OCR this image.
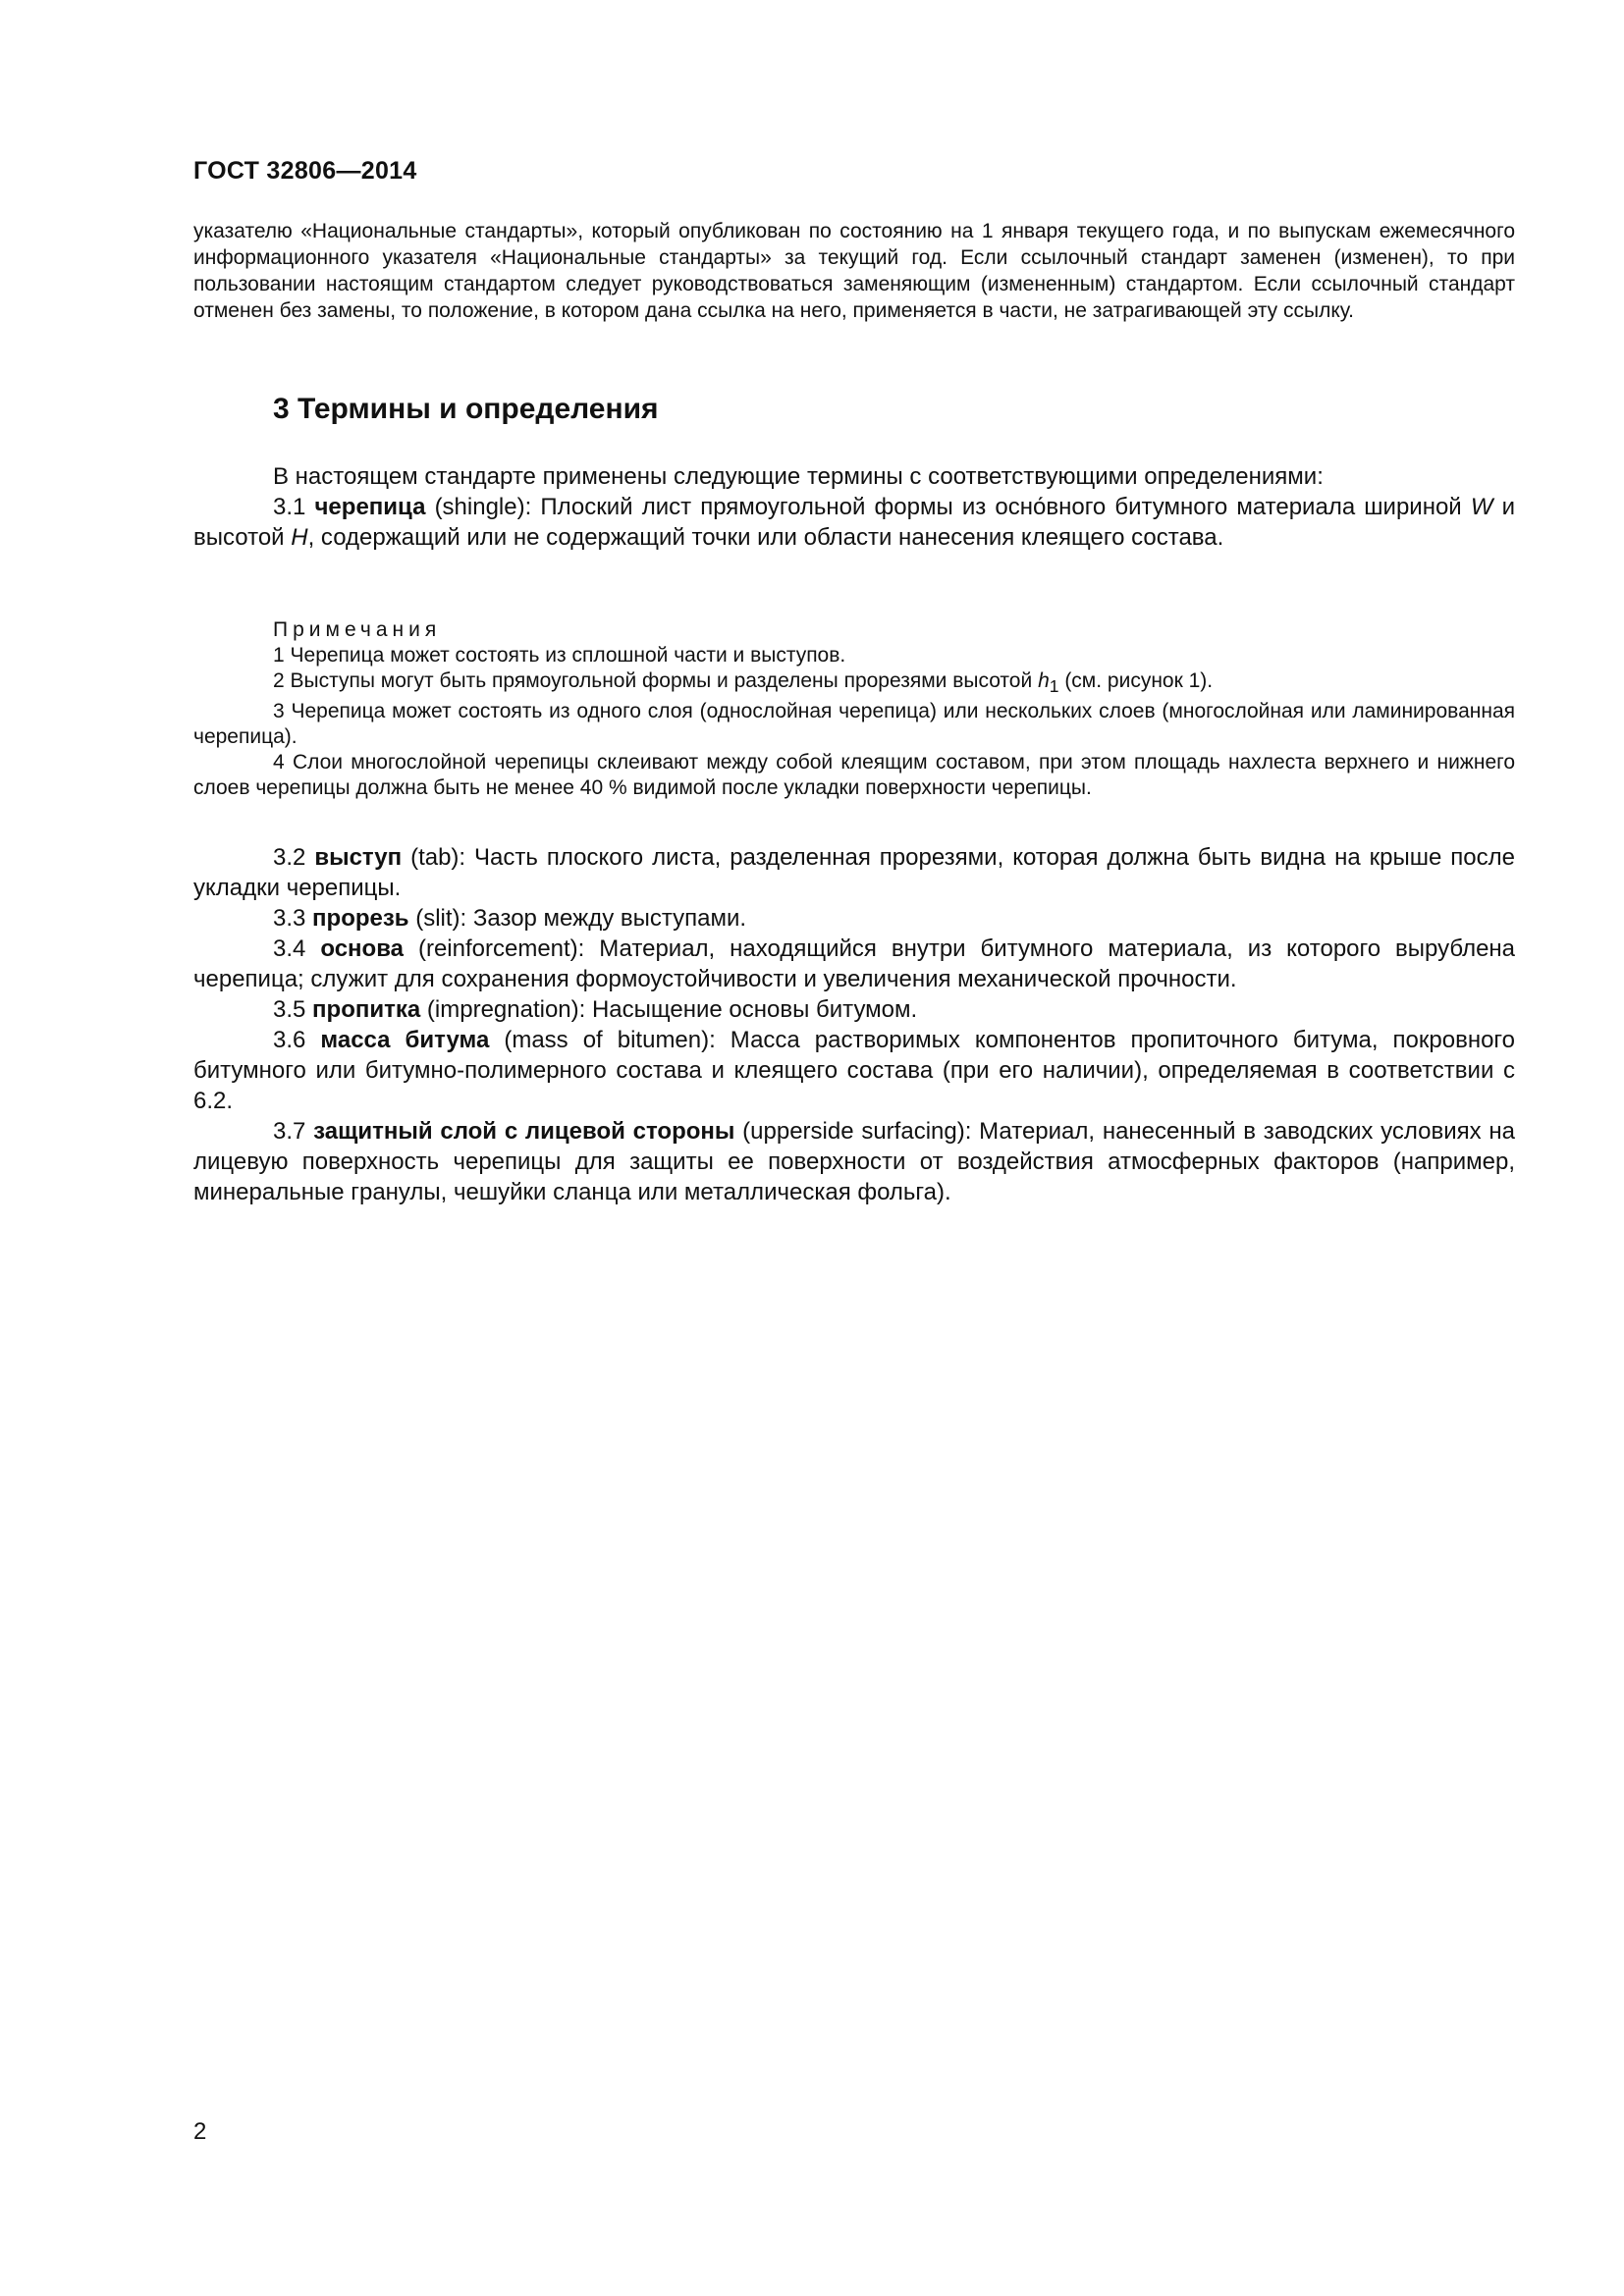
ГОСТ 32806—2014
указателю «Национальные стандарты», который опубликован по состоянию на 1 января текущего года, и по выпускам ежемесячного информационного указателя «Национальные стандарты» за текущий год. Если ссылочный стандарт заменен (изменен), то при пользовании настоящим стандартом следует руководствоваться заменяющим (измененным) стандартом. Если ссылочный стандарт отменен без замены, то положение, в котором дана ссылка на него, применяется в части, не затрагивающей эту ссылку.
3 Термины и определения

В настоящем стандарте применены следующие термины с соответствующими определениями:

3.1 черепица (shingle): Плоский лист прямоугольной формы из осно́вного битумного материала шириной W и высотой H, содержащий или не содержащий точки или области нанесения клеящего состава.

Примечания

1 Черепица может состоять из сплошной части и выступов.

2 Выступы могут быть прямоугольной формы и разделены прорезями высотой $h_1$ (см. рисунок 1).

3 Черепица может состоять из одного слоя (однослойная черепица) или нескольких слоев (многослойная или ламинированная черепица).

4 Слои многослойной черепицы склеивают между собой клеящим составом, при этом площадь нахлеста верхнего и нижнего слоев черепицы должна быть не менее 40 % видимой после укладки поверхности черепицы.

3.2 выступ (tab): Часть плоского листа, разделенная прорезями, которая должна быть видна на крыше после укладки черепицы.

3.3 прорезь (slit): Зазор между выступами.

3.4 основа (reinforcement): Материал, находящийся внутри битумного материала, из которого вырублена черепица; служит для сохранения формоустойчивости и увеличения механической прочности.

3.5 пропитка (impregnation): Насыщение основы битумом.

3.6 масса битума (mass of bitumen): Масса растворимых компонентов пропиточного битума, покровного битумного или битумно-полимерного состава и клеящего состава (при его наличии), определяемая в соответствии с 6.2.

3.7 защитный слой с лицевой стороны (upperside surfacing): Материал, нанесенный в заводских условиях на лицевую поверхность черепицы для защиты ее поверхности от воздействия атмосферных факторов (например, минеральные гранулы, чешуйки сланца или металлическая фольга).

2
